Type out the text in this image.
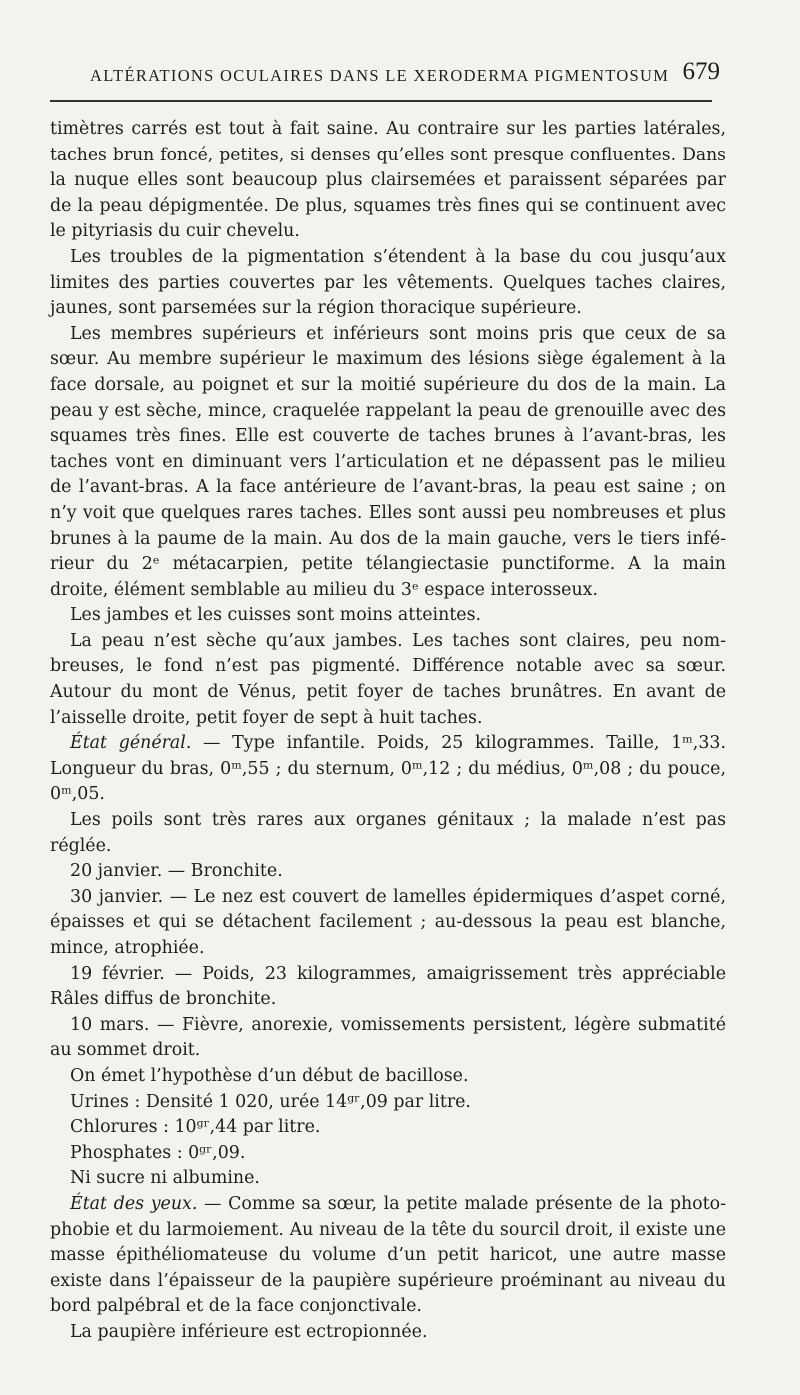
ALTÉRATIONS OCULAIRES DANS LE XERODERMA PIGMENTOSUM 679
timètres carrés est tout à fait saine. Au contraire sur les parties latérales,
taches brun foncé, petites, si denses qu’elles sont presque confluentes. Dans
la nuque elles sont beaucoup plus clairsemées et paraissent séparées par
de la peau dépigmentée. De plus, squames très fines qui se continuent avec
le pityriasis du cuir chevelu.
Les troubles de la pigmentation s’étendent à la base du cou jusqu’aux
limites des parties couvertes par les vêtements. Quelques taches claires,
jaunes, sont parsemées sur la région thoracique supérieure.
Les membres supérieurs et inférieurs sont moins pris que ceux de sa
sœur. Au membre supérieur le maximum des lésions siège également à la
face dorsale, au poignet et sur la moitié supérieure du dos de la main. La
peau y est sèche, mince, craquelée rappelant la peau de grenouille avec des
squames très fines. Elle est couverte de taches brunes à l’avant-bras, les
taches vont en diminuant vers l’articulation et ne dépassent pas le milieu
de l’avant-bras. A la face antérieure de l’avant-bras, la peau est saine ; on
n’y voit que quelques rares taches. Elles sont aussi peu nombreuses et plus
brunes à la paume de la main. Au dos de la main gauche, vers le tiers infé-
rieur du 2ᵉ métacarpien, petite télangiectasie punctiforme. A la main
droite, élément semblable au milieu du 3ᵉ espace interosseux.
Les jambes et les cuisses sont moins atteintes.
La peau n’est sèche qu’aux jambes. Les taches sont claires, peu nom-
breuses, le fond n’est pas pigmenté. Différence notable avec sa sœur.
Autour du mont de Vénus, petit foyer de taches brunâtres. En avant de
l’aisselle droite, petit foyer de sept à huit taches.
État général. — Type infantile. Poids, 25 kilogrammes. Taille, 1ᵐ,33.
Longueur du bras, 0ᵐ,55 ; du sternum, 0ᵐ,12 ; du médius, 0ᵐ,08 ; du pouce,
0ᵐ,05.
Les poils sont très rares aux organes génitaux ; la malade n’est pas
réglée.
20 janvier. — Bronchite.
30 janvier. — Le nez est couvert de lamelles épidermiques d’aspet corné,
épaisses et qui se détachent facilement ; au-dessous la peau est blanche,
mince, atrophiée.
19 février. — Poids, 23 kilogrammes, amaigrissement très appréciable
Râles diffus de bronchite.
10 mars. — Fièvre, anorexie, vomissements persistent, légère submatité
au sommet droit.
On émet l’hypothèse d’un début de bacillose.
Urines : Densité 1 020, urée 14ᵍʳ,09 par litre.
Chlorures : 10ᵍʳ,44 par litre.
Phosphates : 0ᵍʳ,09.
Ni sucre ni albumine.
État des yeux. — Comme sa sœur, la petite malade présente de la photo-
phobie et du larmoiement. Au niveau de la tête du sourcil droit, il existe une
masse épithéliomateuse du volume d’un petit haricot, une autre masse
existe dans l’épaisseur de la paupière supérieure proéminant au niveau du
bord palpébral et de la face conjonctivale.
La paupière inférieure est ectropionnée.
